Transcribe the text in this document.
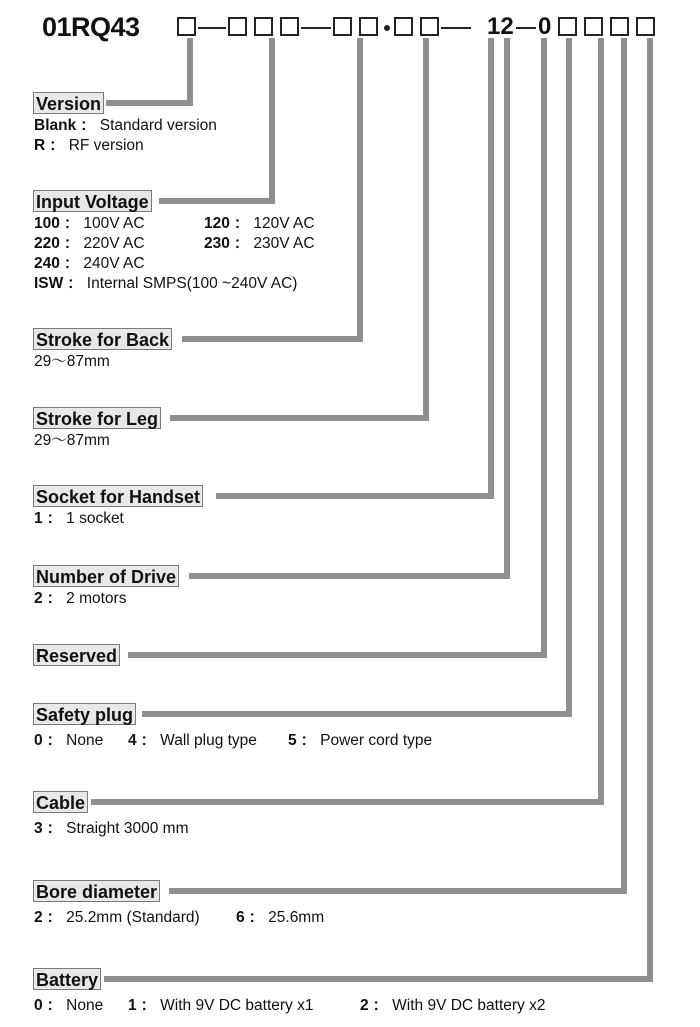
01RQ43	12 0
Version
Blank ： Standard version
R ： RF version
Input Voltage
100 ： 100V AC	120 ： 120V AC
220 ： 220V AC	230 ： 230V AC
240 ： 240V AC
ISW ： Internal SMPS(100 ~240V AC)
Stroke for Back
29～87mm
Stroke for Leg
29～87mm
Socket for Handset
1 ： 1 socket
Number of Drive
2 ： 2 motors
Reserved
Safety plug
0 ： None 4 ： Wall plug type 5 ： Power cord type
Cable
3 ： Straight 3000 mm
Bore diameter
2 ： 25.2mm (Standard) 6 ： 25.6mm
Battery
0 ： None 1 ： With 9V DC battery x1	2 ： With 9V DC battery x2
